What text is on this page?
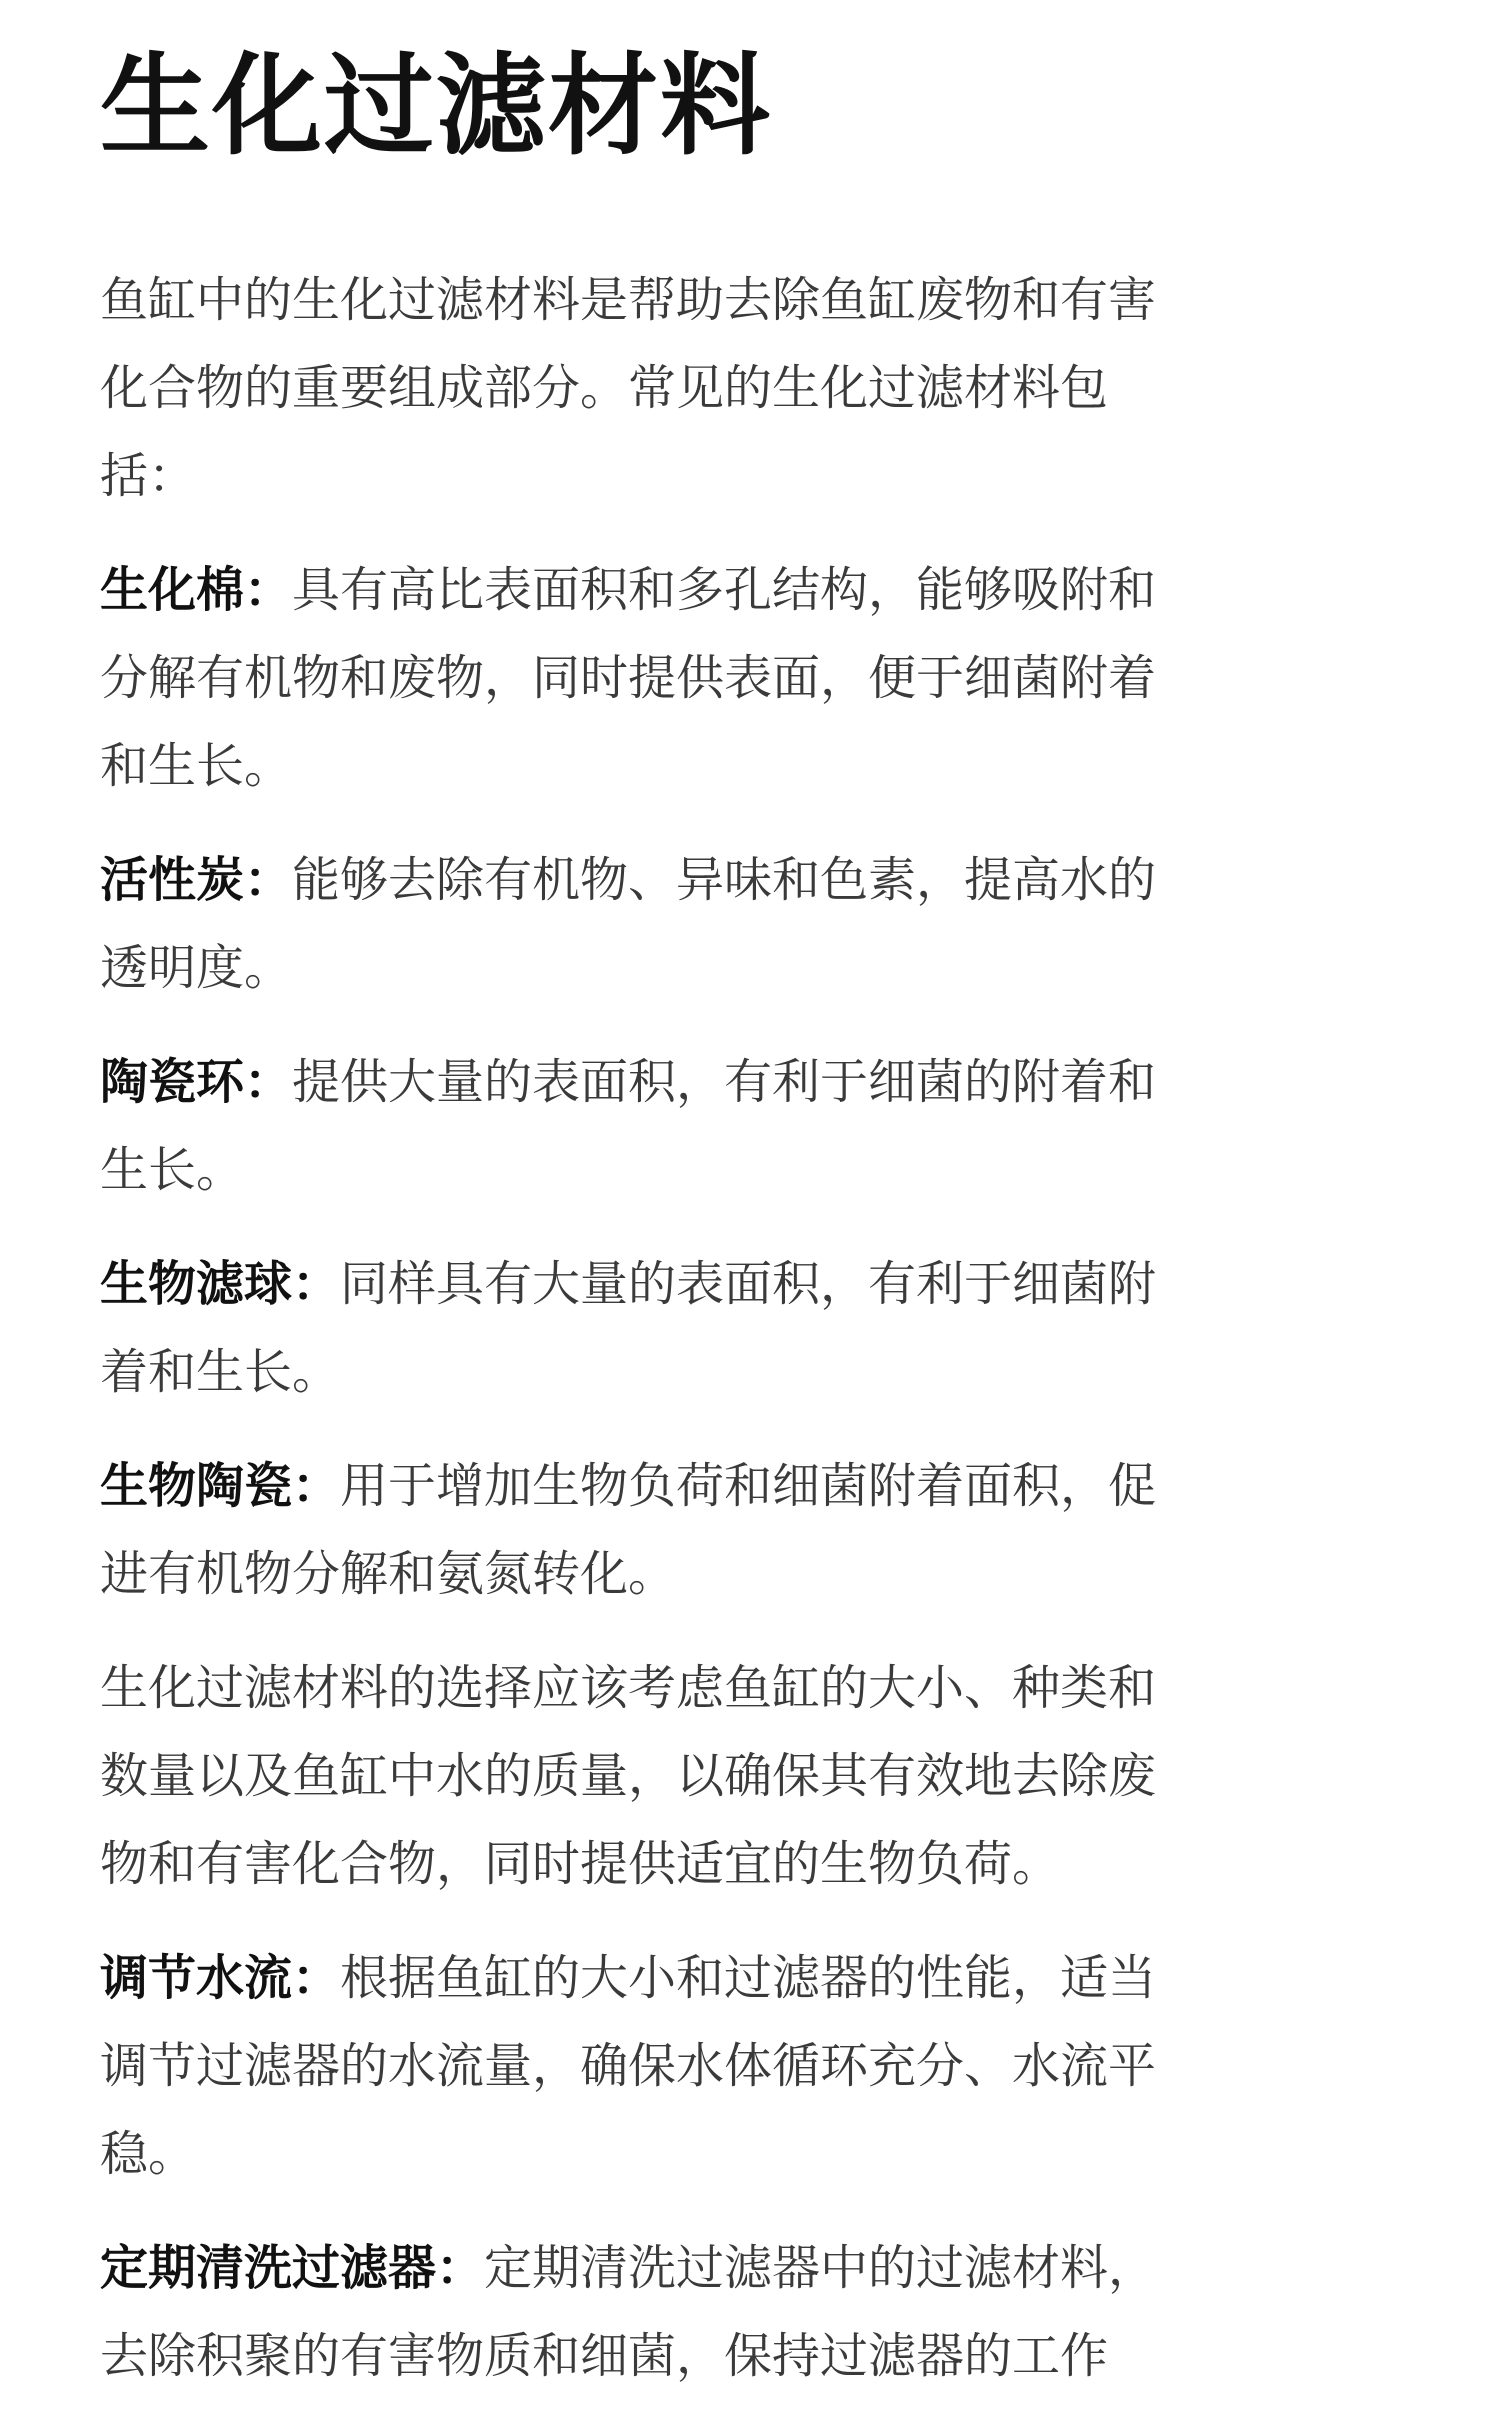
生化过滤材料

鱼缸中的生化过滤材料是帮助去除鱼缸废物和有害化合物的重要组成部分。常见的生化过滤材料包括：

生化棉：具有高比表面积和多孔结构，能够吸附和分解有机物和废物，同时提供表面，便于细菌附着和生长。

活性炭：能够去除有机物、异味和色素，提高水的透明度。

陶瓷环：提供大量的表面积，有利于细菌的附着和生长。

生物滤球：同样具有大量的表面积，有利于细菌附着和生长。

生物陶瓷：用于增加生物负荷和细菌附着面积，促进有机物分解和氨氮转化。

生化过滤材料的选择应该考虑鱼缸的大小、种类和数量以及鱼缸中水的质量，以确保其有效地去除废物和有害化合物，同时提供适宜的生物负荷。

调节水流：根据鱼缸的大小和过滤器的性能，适当调节过滤器的水流量，确保水体循环充分、水流平稳。

定期清洗过滤器：定期清洗过滤器中的过滤材料，去除积聚的有害物质和细菌，保持过滤器的工作
